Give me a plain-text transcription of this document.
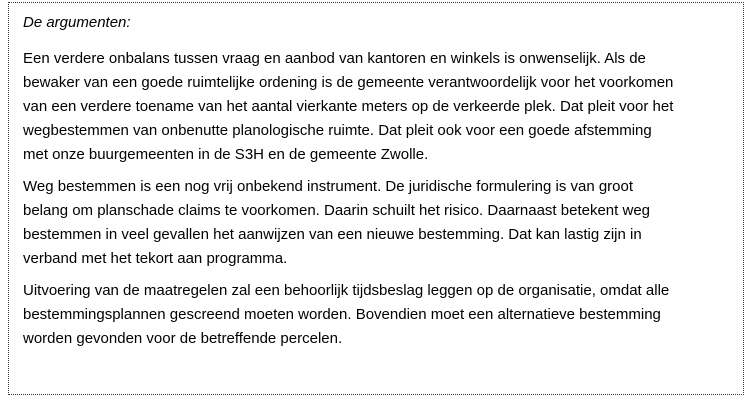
De argumenten:

Een verdere onbalans tussen vraag en aanbod van kantoren en winkels is onwenselijk. Als de
bewaker van een goede ruimtelijke ordening is de gemeente verantwoordelijk voor het voorkomen
van een verdere toename van het aantal vierkante meters op de verkeerde plek. Dat pleit voor het
wegbestemmen van onbenutte planologische ruimte. Dat pleit ook voor een goede afstemming
met onze buurgemeenten in de S3H en de gemeente Zwolle.

Weg bestemmen is een nog vrij onbekend instrument. De juridische formulering is van groot
belang om planschade claims te voorkomen. Daarin schuilt het risico. Daarnaast betekent weg
bestemmen in veel gevallen het aanwijzen van een nieuwe bestemming. Dat kan lastig zijn in
verband met het tekort aan programma.

Uitvoering van de maatregelen zal een behoorlijk tijdsbeslag leggen op de organisatie, omdat alle
bestemmingsplannen gescreend moeten worden. Bovendien moet een alternatieve bestemming
worden gevonden voor de betreffende percelen.
